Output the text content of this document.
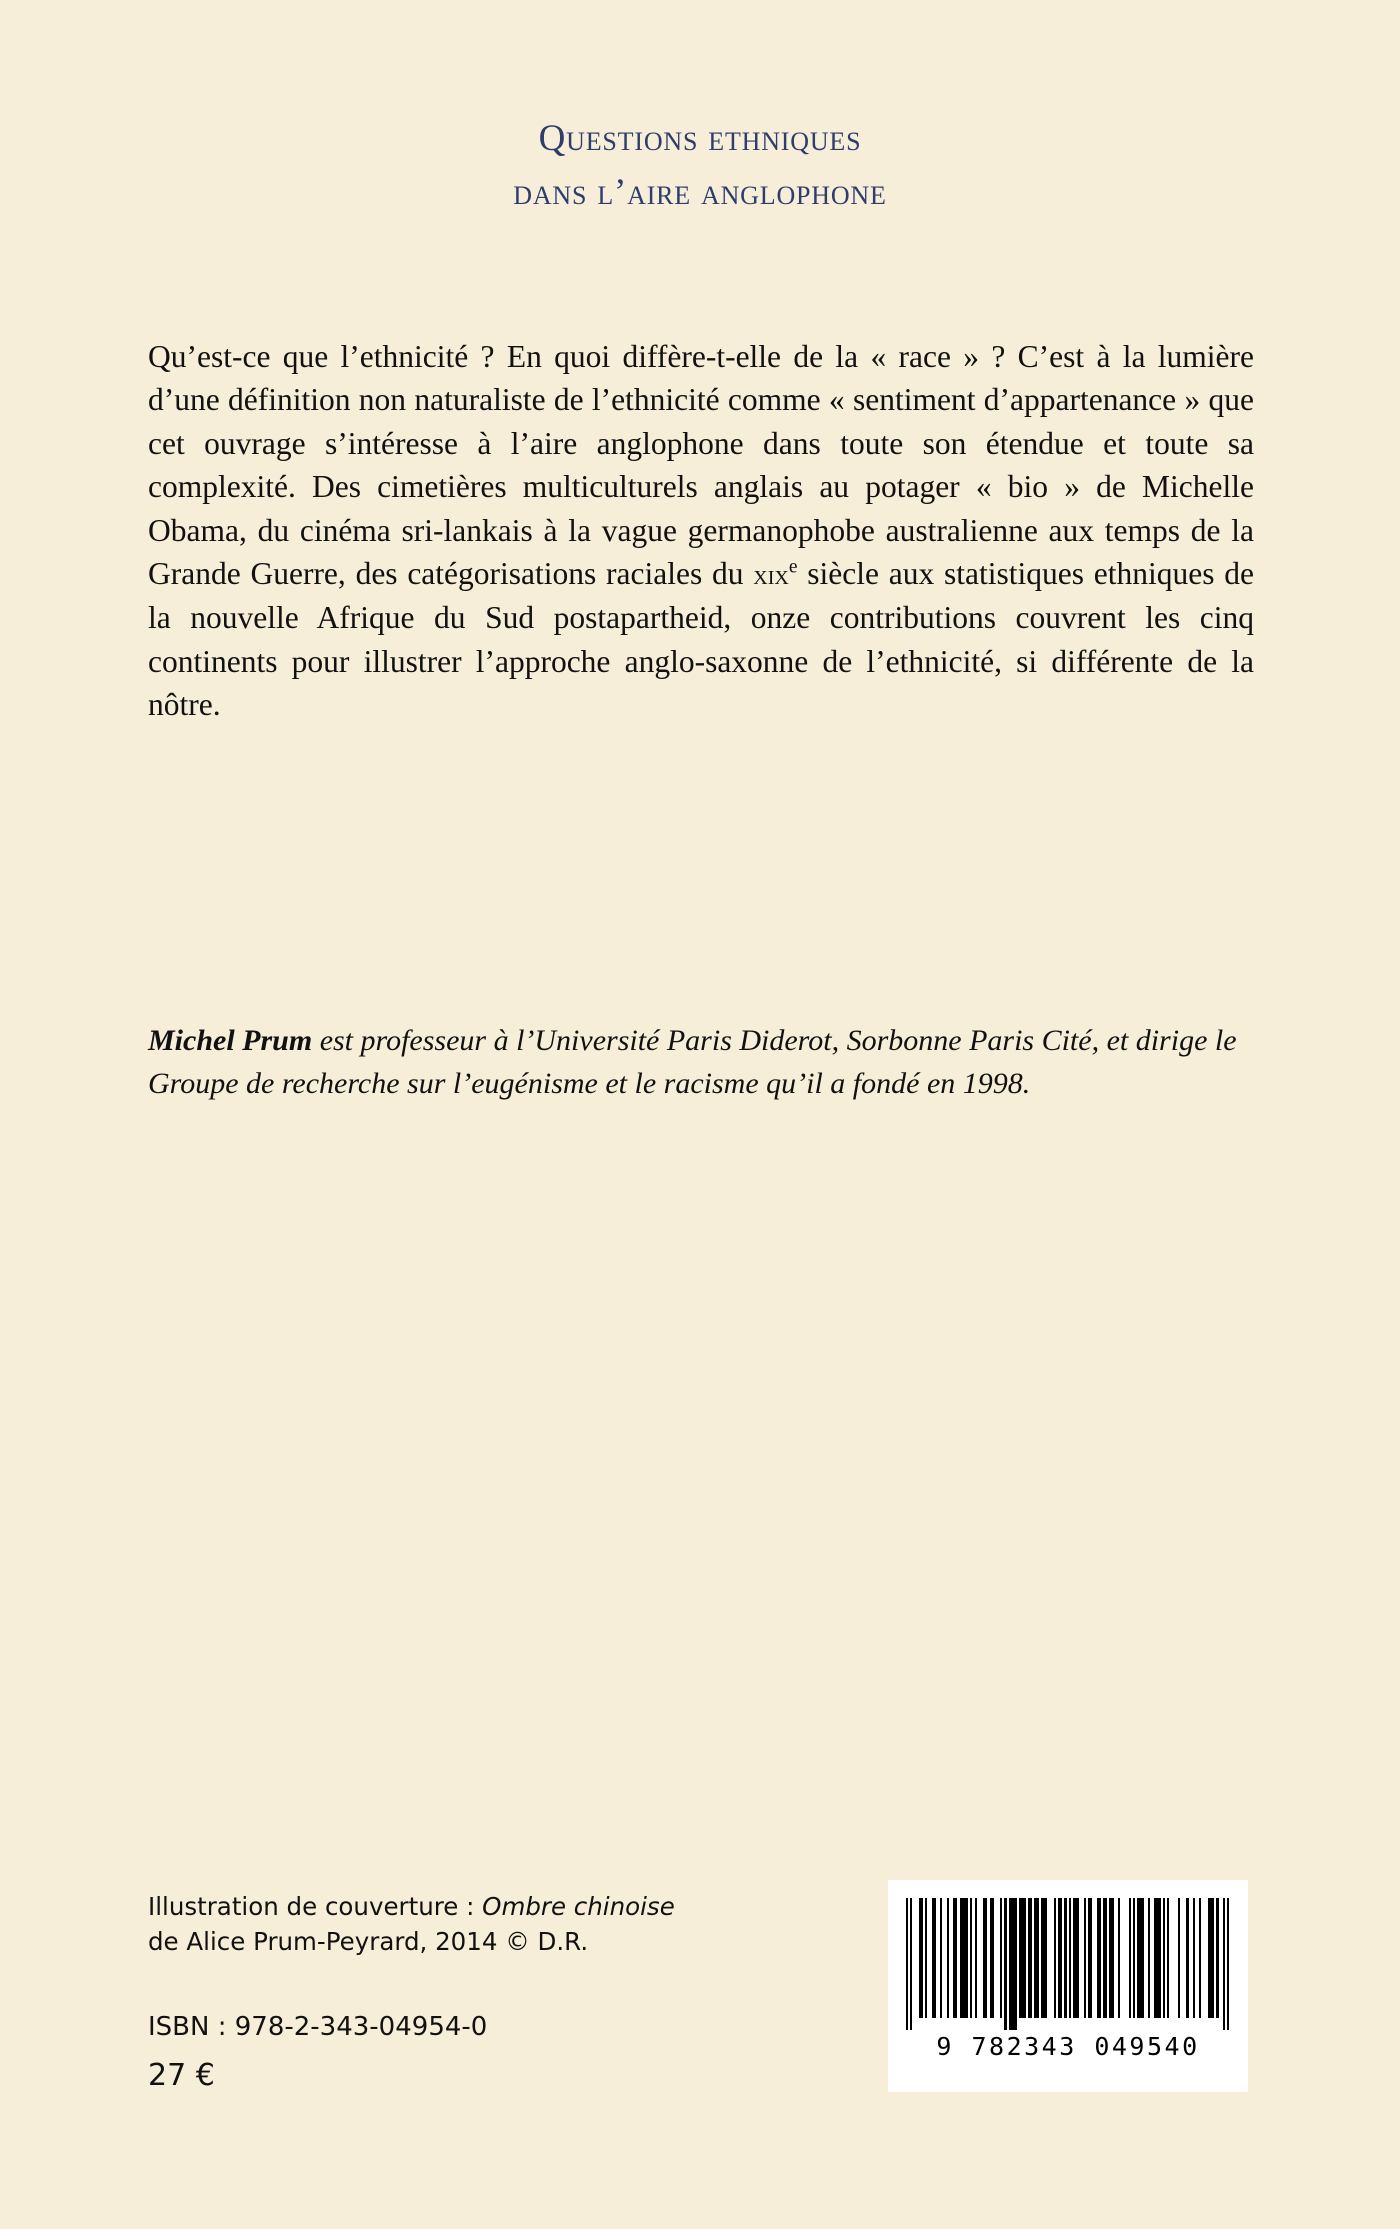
Questions ethniques
dans l’aire anglophone
Qu’est-ce que l’ethnicité ? En quoi diffère-t-elle de la « race » ? C’est à la lumière d’une définition non naturaliste de l’ethnicité comme « sentiment d’appartenance » que cet ouvrage s’intéresse à l’aire anglophone dans toute son étendue et toute sa complexité. Des cimetières multiculturels anglais au potager « bio » de Michelle Obama, du cinéma sri-lankais à la vague germanophobe australienne aux temps de la Grande Guerre, des catégorisations raciales du xix$^e$ siècle aux statistiques ethniques de la nouvelle Afrique du Sud postapartheid, onze contributions couvrent les cinq continents pour illustrer l’approche anglo-saxonne de l’ethnicité, si différente de la nôtre.
Michel Prum est professeur à l’Université Paris Diderot, Sorbonne Paris Cité, et dirige le Groupe de recherche sur l’eugénisme et le racisme qu’il a fondé en 1998.
Illustration de couverture : Ombre chinoise
de Alice Prum-Peyrard, 2014 © D.R.
ISBN : 978-2-343-04954-0
27 €
9 782343 049540
